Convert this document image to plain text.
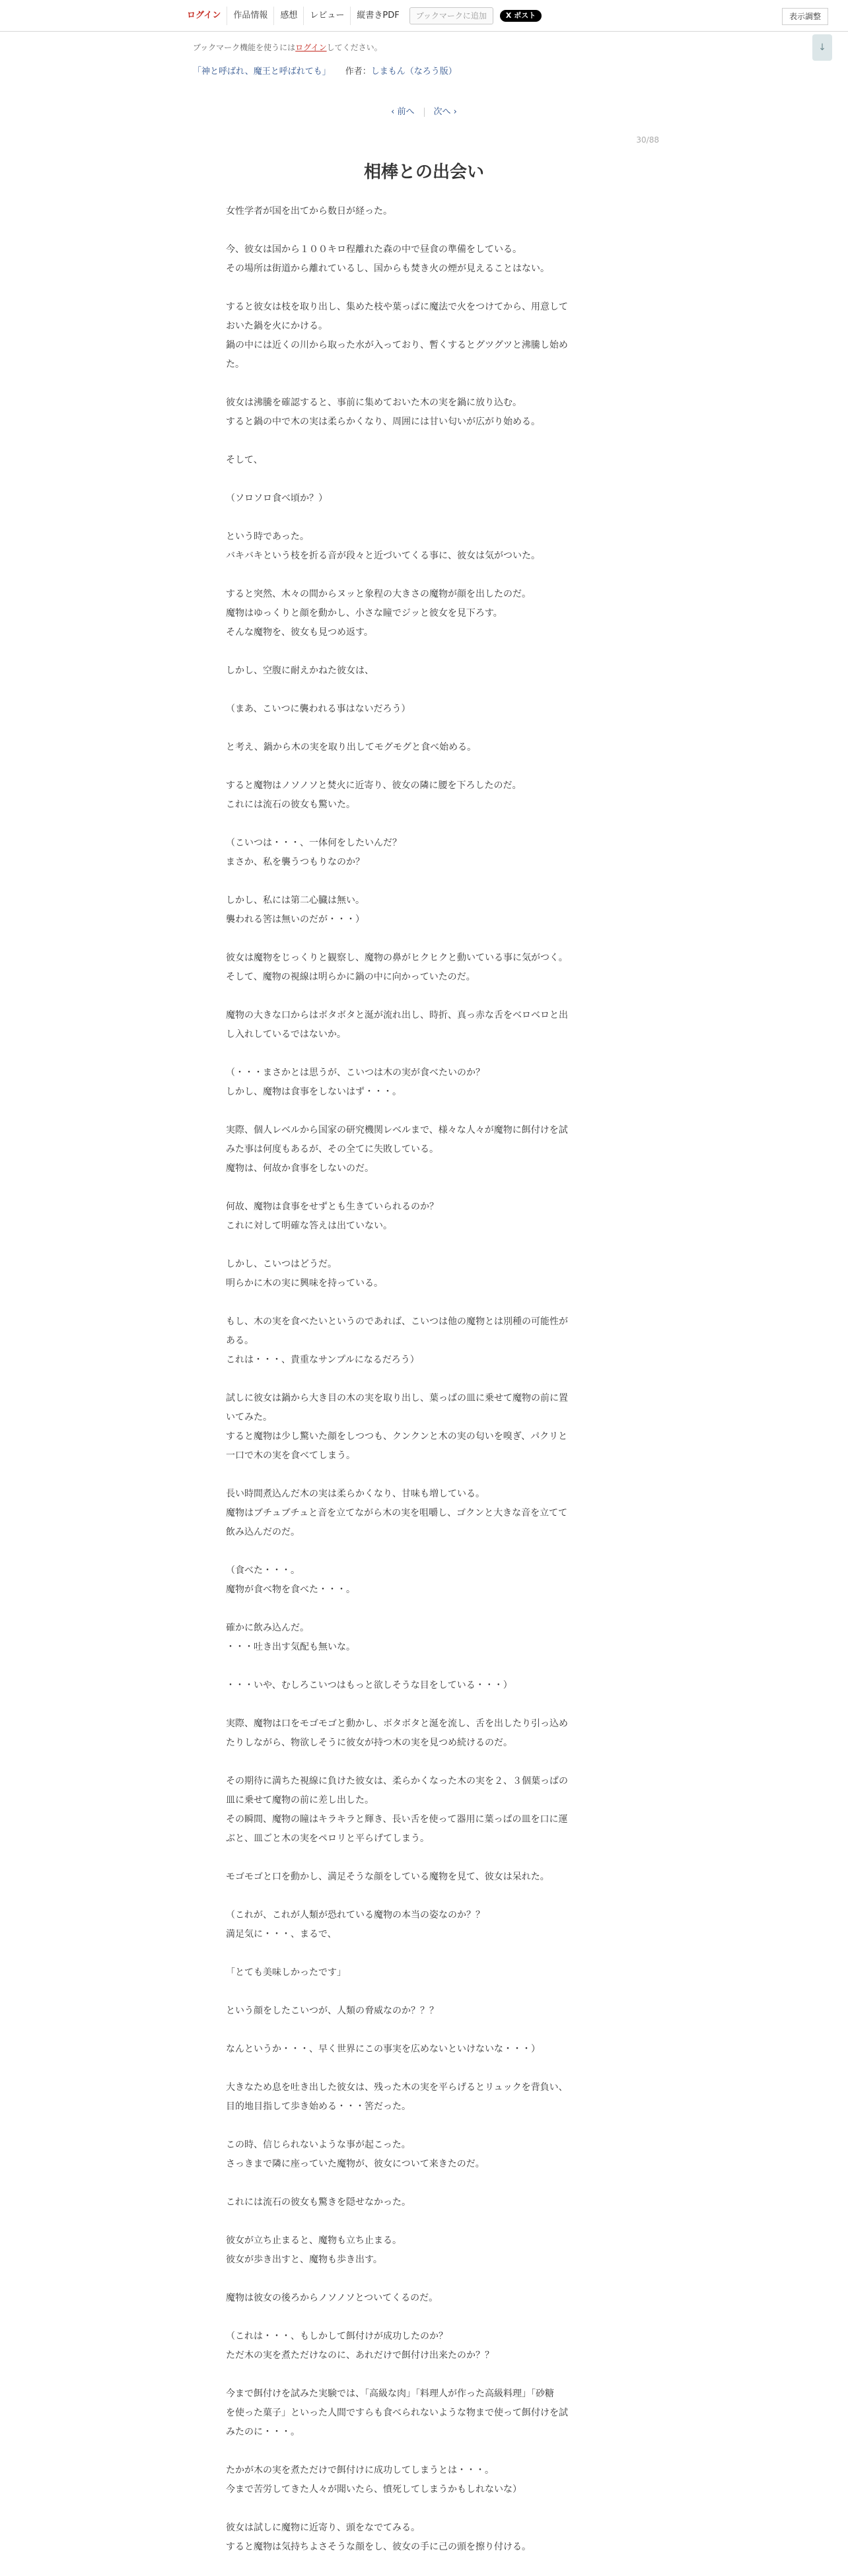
ログイン	作品情報	感想	レビュー	縦書きPDF	ブックマークに追加	X ポスト	表示調整
ブックマーク機能を使うにはログインしてください。	↓
「神と呼ばれ、魔王と呼ばれても」 作者：しまもん（なろう版）
‹ 前へ 次へ ›
30/88
相棒との出会い
女性学者が国を出てから数日が経った。
今、彼女は国から１００キロ程離れた森の中で昼食の準備をしている。
その場所は街道から離れているし、国からも焚き火の煙が見えることはない。
すると彼女は枝を取り出し、集めた枝や葉っぱに魔法で火をつけてから、用意して
おいた鍋を火にかける。
鍋の中には近くの川から取った水が入っており、暫くするとグツグツと沸騰し始め
た。
彼女は沸騰を確認すると、事前に集めておいた木の実を鍋に放り込む。
すると鍋の中で木の実は柔らかくなり、周囲には甘い匂いが広がり始める。
そして、
（ソロソロ食べ頃か？）
という時であった。
バキバキという枝を折る音が段々と近づいてくる事に、彼女は気がついた。
すると突然、木々の間からヌッと象程の大きさの魔物が顔を出したのだ。
魔物はゆっくりと顔を動かし、小さな瞳でジッと彼女を見下ろす。
そんな魔物を、彼女も見つめ返す。
しかし、空腹に耐えかねた彼女は、
（まあ、こいつに襲われる事はないだろう）
と考え、鍋から木の実を取り出してモグモグと食べ始める。
すると魔物はノソノソと焚火に近寄り、彼女の隣に腰を下ろしたのだ。
これには流石の彼女も驚いた。
（こいつは・・・、一体何をしたいんだ？
まさか、私を襲うつもりなのか？
しかし、私には第二心臓は無い。
襲われる筈は無いのだが・・・）
彼女は魔物をじっくりと観察し、魔物の鼻がヒクヒクと動いている事に気がつく。
そして、魔物の視線は明らかに鍋の中に向かっていたのだ。
魔物の大きな口からはボタボタと涎が流れ出し、時折、真っ赤な舌をベロベロと出
し入れしているではないか。
（・・・まさかとは思うが、こいつは木の実が食べたいのか？
しかし、魔物は食事をしないはず・・・。
実際、個人レベルから国家の研究機関レベルまで、様々な人々が魔物に餌付けを試
みた事は何度もあるが、その全てに失敗している。
魔物は、何故か食事をしないのだ。
何故、魔物は食事をせずとも生きていられるのか？
これに対して明確な答えは出ていない。
しかし、こいつはどうだ。
明らかに木の実に興味を持っている。
もし、木の実を食べたいというのであれば、こいつは他の魔物とは別種の可能性が
ある。
これは・・・、貴重なサンプルになるだろう）
試しに彼女は鍋から大き目の木の実を取り出し、葉っぱの皿に乗せて魔物の前に置
いてみた。
すると魔物は少し驚いた顔をしつつも、クンクンと木の実の匂いを嗅ぎ、パクリと
一口で木の実を食べてしまう。
長い時間煮込んだ木の実は柔らかくなり、甘味も増している。
魔物はブチュブチュと音を立てながら木の実を咀嚼し、ゴクンと大きな音を立てて
飲み込んだのだ。
（食べた・・・。
魔物が食べ物を食べた・・・。
確かに飲み込んだ。
・・・吐き出す気配も無いな。
・・・いや、むしろこいつはもっと欲しそうな目をしている・・・）
実際、魔物は口をモゴモゴと動かし、ボタボタと涎を流し、舌を出したり引っ込め
たりしながら、物欲しそうに彼女が持つ木の実を見つめ続けるのだ。
その期待に満ちた視線に負けた彼女は、柔らかくなった木の実を２、３個葉っぱの
皿に乗せて魔物の前に差し出した。
その瞬間、魔物の瞳はキラキラと輝き、長い舌を使って器用に葉っぱの皿を口に運
ぶと、皿ごと木の実をペロリと平らげてしまう。
モゴモゴと口を動かし、満足そうな顔をしている魔物を見て、彼女は呆れた。
（これが、これが人類が恐れている魔物の本当の姿なのか？？
満足気に・・・、まるで、
「とても美味しかったです」
という顔をしたこいつが、人類の脅威なのか？？？
なんというか・・・、早く世界にこの事実を広めないといけないな・・・）
大きなため息を吐き出した彼女は、残った木の実を平らげるとリュックを背負い、
目的地目指して歩き始める・・・筈だった。
この時、信じられないような事が起こった。
さっきまで隣に座っていた魔物が、彼女について来きたのだ。
これには流石の彼女も驚きを隠せなかった。
彼女が立ち止まると、魔物も立ち止まる。
彼女が歩き出すと、魔物も歩き出す。
魔物は彼女の後ろからノソノソとついてくるのだ。
（これは・・・、もしかして餌付けが成功したのか？
ただ木の実を煮ただけなのに、あれだけで餌付け出来たのか？？
今まで餌付けを試みた実験では、「高級な肉」「料理人が作った高級料理」「砂糖
を使った菓子」といった人間ですらも食べられないような物まで使って餌付けを試
みたのに・・・。
たかが木の実を煮ただけで餌付けに成功してしまうとは・・・。
今まで苦労してきた人々が聞いたら、憤死してしまうかもしれないな）
彼女は試しに魔物に近寄り、頭をなでてみる。
すると魔物は気持ちよさそうな顔をし、彼女の手に己の頭を擦り付ける。
